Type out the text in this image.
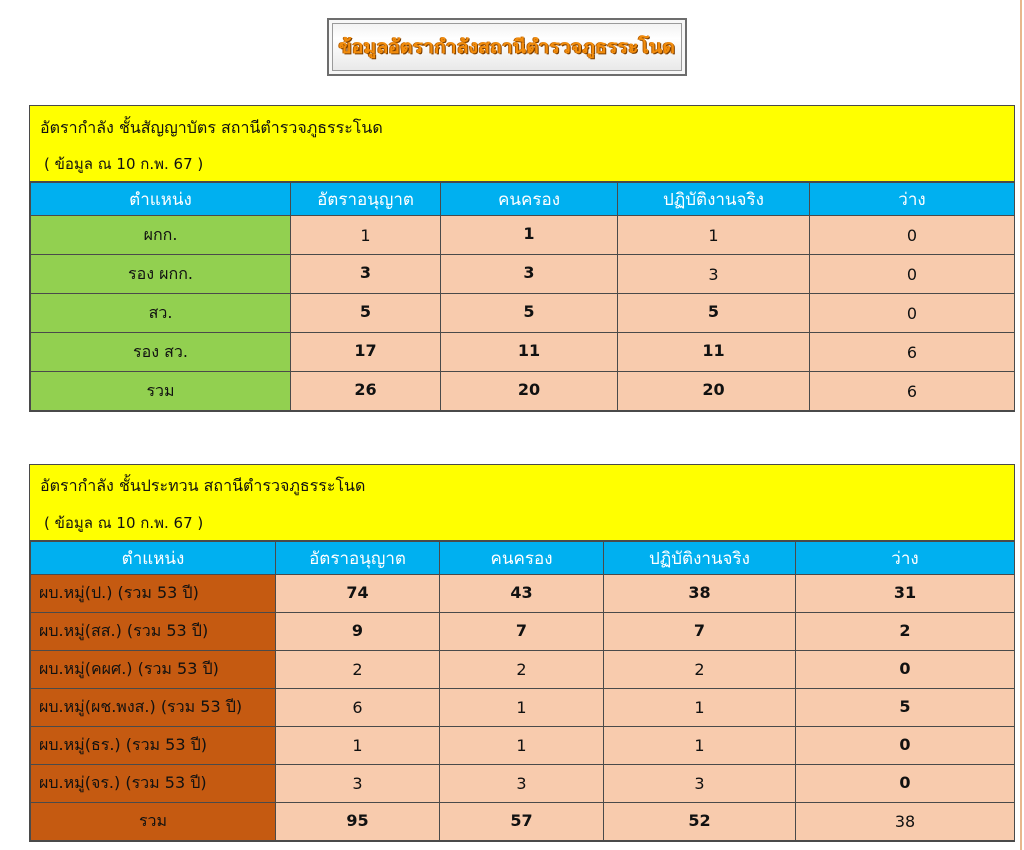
ข้อมูลอัตรากำลังสถานีตำรวจภูธรระโนด
อัตรากำลัง ชั้นสัญญาบัตร สถานีตำรวจภูธรระโนด
( ข้อมูล ณ 10 ก.พ. 67 )
ตำแหน่ง	อัตราอนุญาต	คนครอง	ปฏิบัติงานจริง	ว่าง
ผกก.	1	1	1	0
รอง ผกก.	3	3	3	0
สว.	5	5	5	0
รอง สว.	17	11	11	6
รวม	26	20	20	6
อัตรากำลัง ชั้นประทวน สถานีตำรวจภูธรระโนด
( ข้อมูล ณ 10 ก.พ. 67 )
ตำแหน่ง	อัตราอนุญาต	คนครอง	ปฏิบัติงานจริง	ว่าง
ผบ.หมู่(ป.) (รวม 53 ปี)	74	43	38	31
ผบ.หมู่(สส.) (รวม 53 ปี)	9	7	7	2
ผบ.หมู่(คผศ.) (รวม 53 ปี)	2	2	2	0
ผบ.หมู่(ผช.พงส.) (รวม 53 ปี)	6	1	1	5
ผบ.หมู่(ธร.) (รวม 53 ปี)	1	1	1	0
ผบ.หมู่(จร.) (รวม 53 ปี)	3	3	3	0
รวม	95	57	52	38
